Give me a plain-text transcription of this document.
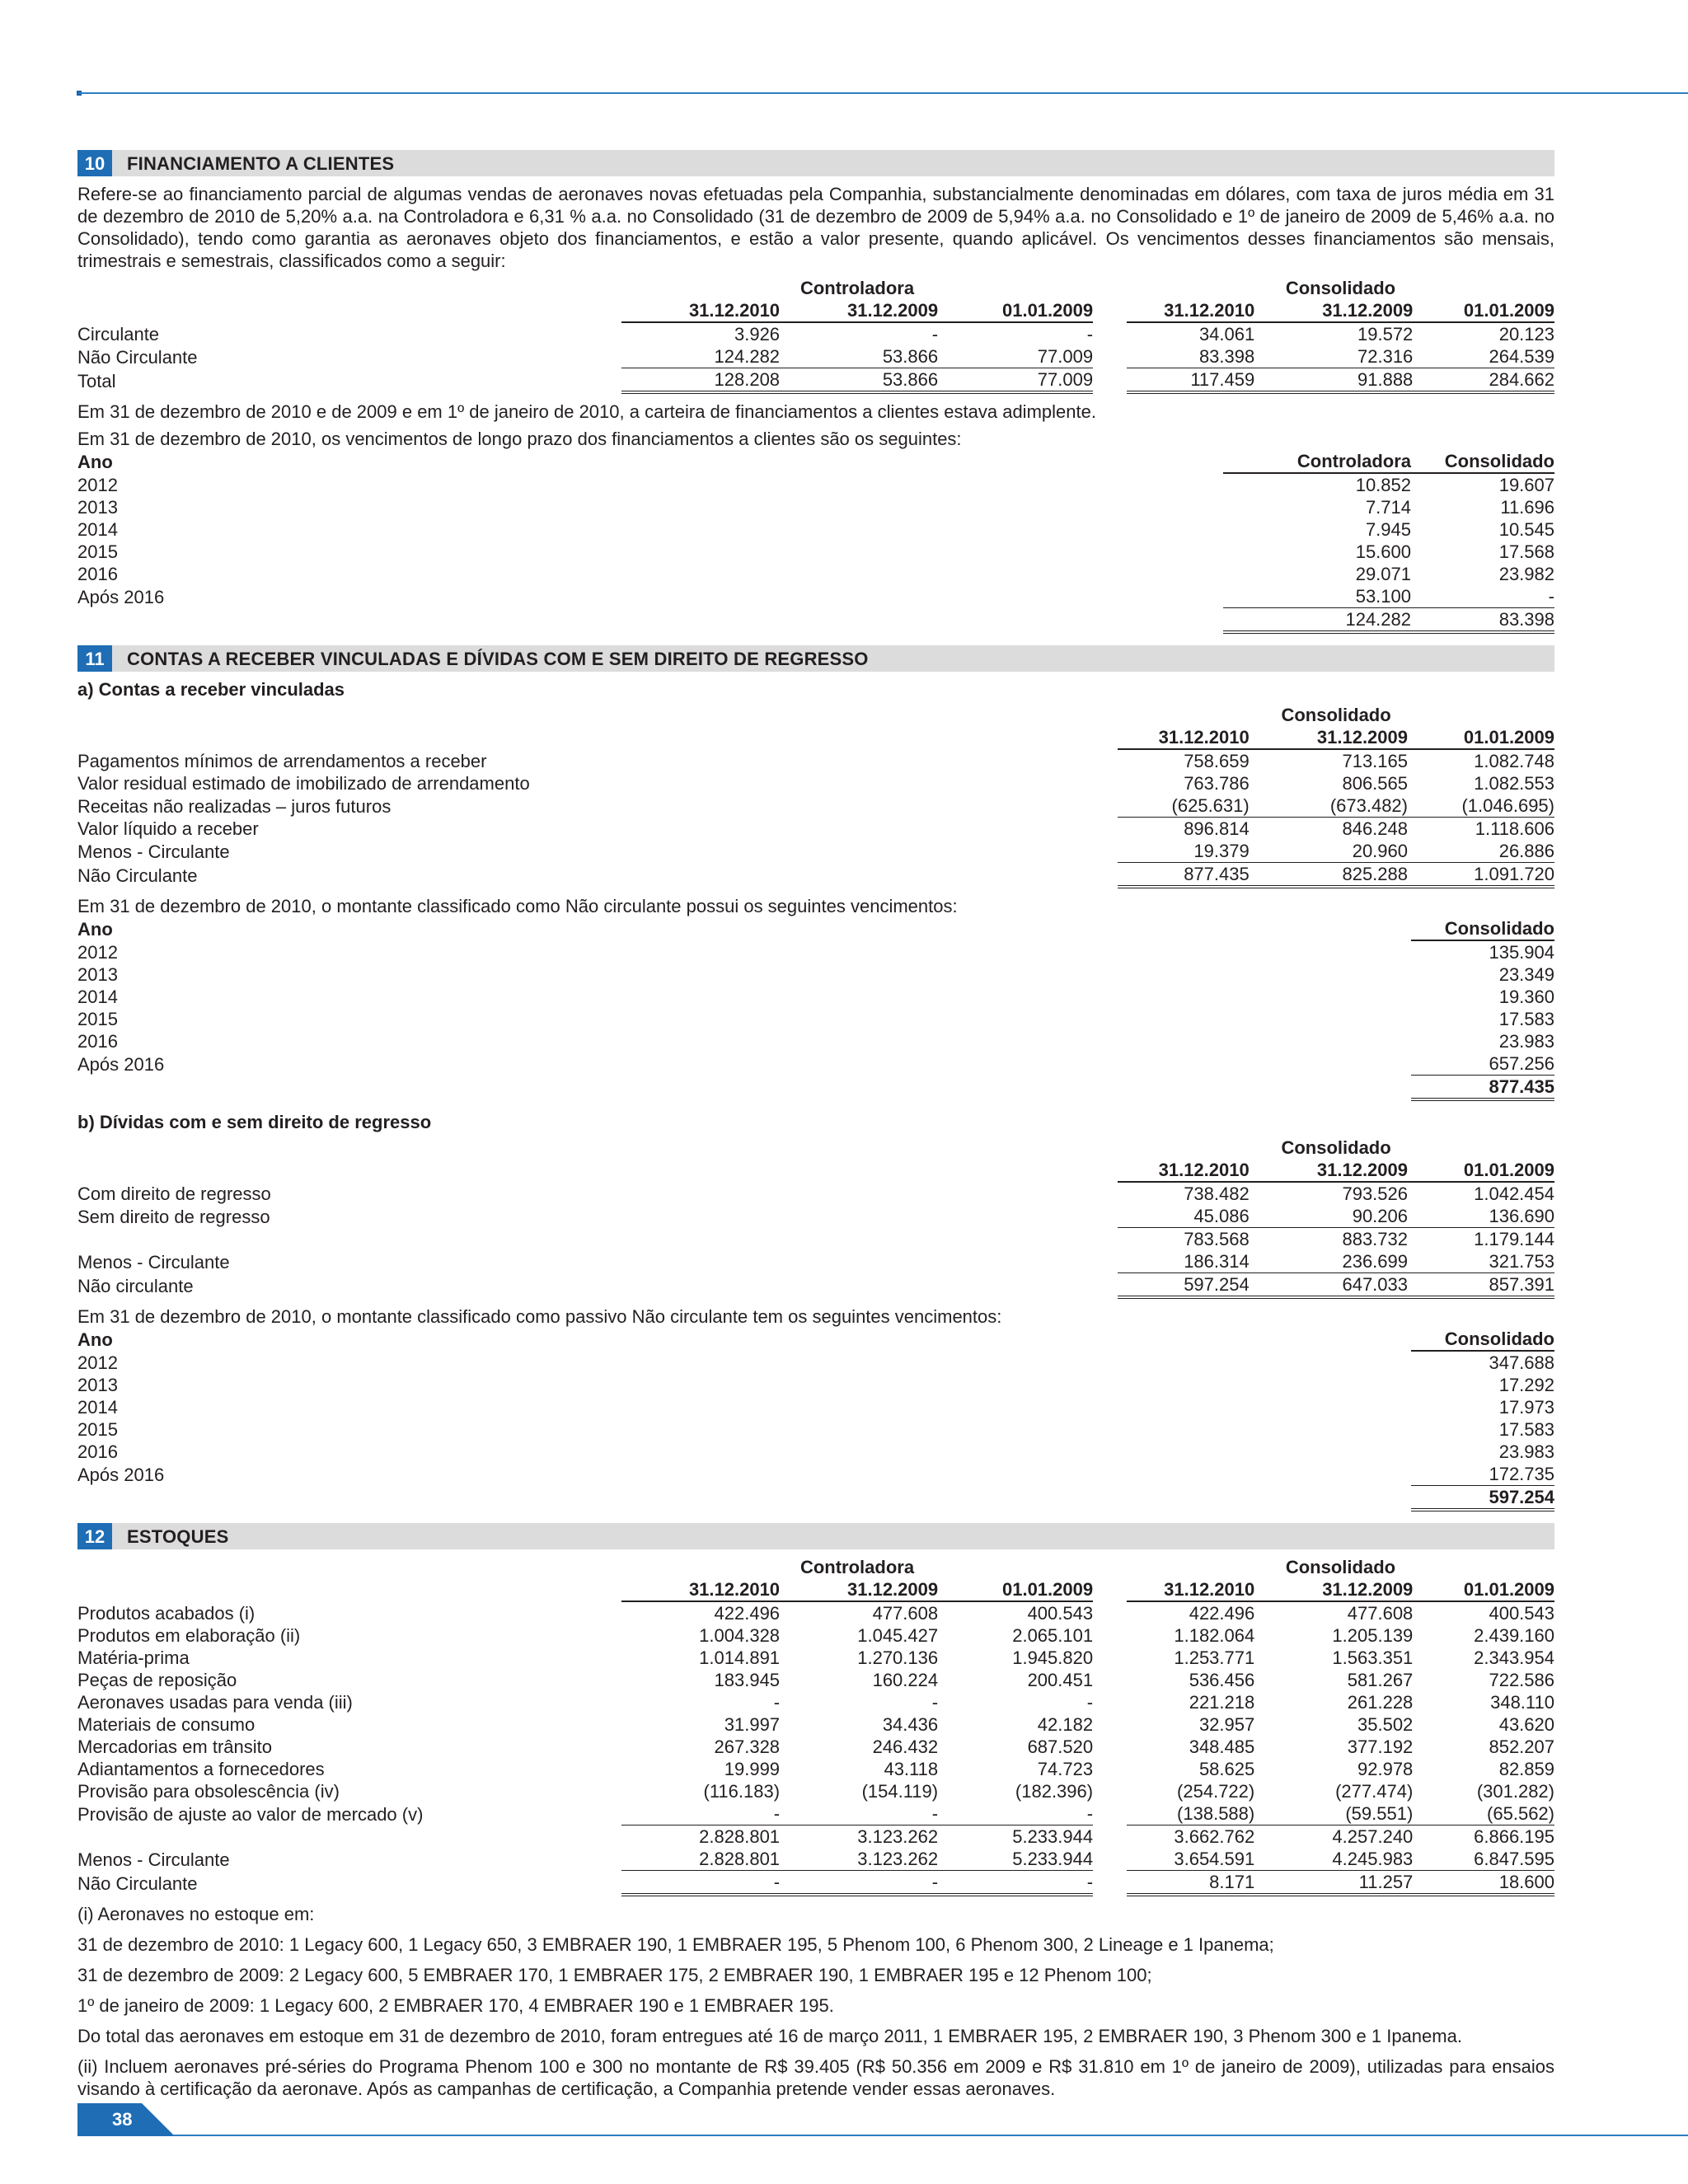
10	FINANCIAMENTO A CLIENTES

Refere-se ao financiamento parcial de algumas vendas de aeronaves novas efetuadas pela Companhia, substancialmente denominadas em dólares, com taxa de juros média em 31 de dezembro de 2010 de 5,20% a.a. na Controladora e 6,31 % a.a. no Consolidado (31 de dezembro de 2009 de 5,94% a.a. no Consolidado e 1º de janeiro de 2009 de 5,46% a.a. no Consolidado), tendo como garantia as aeronaves objeto dos financiamentos, e estão a valor presente, quando aplicável. Os vencimentos desses financiamentos são mensais, trimestrais e semestrais, classificados como a seguir:

	Controladora				Consolidado		
	31.12.2010	31.12.2009	01.01.2009		31.12.2010	31.12.2009	01.01.2009
Circulante	3.926	-	-		34.061	19.572	20.123
Não Circulante	124.282	53.866	77.009		83.398	72.316	264.539
Total	128.208	53.866	77.009		117.459	91.888	284.662

Em 31 de dezembro de 2010 e de 2009 e em 1º de janeiro de 2010, a carteira de financiamentos a clientes estava adimplente.

Em 31 de dezembro de 2010, os vencimentos de longo prazo dos financiamentos a clientes são os seguintes:

Ano	Controladora	Consolidado
2012	10.852	19.607
2013	7.714	11.696
2014	7.945	10.545
2015	15.600	17.568
2016	29.071	23.982
Após 2016	53.100	-
	124.282	83.398
11	CONTAS A RECEBER VINCULADAS E DÍVIDAS COM E SEM DIREITO DE REGRESSO
a) Contas a receber vinculadas
	Consolidado		
	31.12.2010	31.12.2009	01.01.2009
Pagamentos mínimos de arrendamentos a receber	758.659	713.165	1.082.748
Valor residual estimado de imobilizado de arrendamento	763.786	806.565	1.082.553
Receitas não realizadas – juros futuros	(625.631)	(673.482)	(1.046.695)
Valor líquido a receber	896.814	846.248	1.118.606
Menos - Circulante	19.379	20.960	26.886
Não Circulante	877.435	825.288	1.091.720

Em 31 de dezembro de 2010, o montante classificado como Não circulante possui os seguintes vencimentos:

Ano	Consolidado
2012	135.904
2013	23.349
2014	19.360
2015	17.583
2016	23.983
Após 2016	657.256
	877.435
b) Dívidas com e sem direito de regresso
	Consolidado		
	31.12.2010	31.12.2009	01.01.2009
Com direito de regresso	738.482	793.526	1.042.454
Sem direito de regresso	45.086	90.206	136.690
	783.568	883.732	1.179.144
Menos - Circulante	186.314	236.699	321.753
Não circulante	597.254	647.033	857.391

Em 31 de dezembro de 2010, o montante classificado como passivo Não circulante tem os seguintes vencimentos:

Ano	Consolidado
2012	347.688
2013	17.292
2014	17.973
2015	17.583
2016	23.983
Após 2016	172.735
	597.254
12	ESTOQUES
	Controladora				Consolidado		
	31.12.2010	31.12.2009	01.01.2009		31.12.2010	31.12.2009	01.01.2009
Produtos acabados (i)	422.496	477.608	400.543		422.496	477.608	400.543
Produtos em elaboração (ii)	1.004.328	1.045.427	2.065.101		1.182.064	1.205.139	2.439.160
Matéria-prima	1.014.891	1.270.136	1.945.820		1.253.771	1.563.351	2.343.954
Peças de reposição	183.945	160.224	200.451		536.456	581.267	722.586
Aeronaves usadas para venda (iii)	-	-	-		221.218	261.228	348.110
Materiais de consumo	31.997	34.436	42.182		32.957	35.502	43.620
Mercadorias em trânsito	267.328	246.432	687.520		348.485	377.192	852.207
Adiantamentos a fornecedores	19.999	43.118	74.723		58.625	92.978	82.859
Provisão para obsolescência (iv)	(116.183)	(154.119)	(182.396)		(254.722)	(277.474)	(301.282)
Provisão de ajuste ao valor de mercado (v)	-	-	-		(138.588)	(59.551)	(65.562)
	2.828.801	3.123.262	5.233.944		3.662.762	4.257.240	6.866.195
Menos - Circulante	2.828.801	3.123.262	5.233.944		3.654.591	4.245.983	6.847.595
Não Circulante	-	-	-		8.171	11.257	18.600

(i) Aeronaves no estoque em:

31 de dezembro de 2010: 1 Legacy 600, 1 Legacy 650, 3 EMBRAER 190, 1 EMBRAER 195, 5 Phenom 100, 6 Phenom 300, 2 Lineage e 1 Ipanema;

31 de dezembro de 2009: 2 Legacy 600, 5 EMBRAER 170, 1 EMBRAER 175, 2 EMBRAER 190, 1 EMBRAER 195 e 12 Phenom 100;

1º de janeiro de 2009: 1 Legacy 600, 2 EMBRAER 170, 4 EMBRAER 190 e 1 EMBRAER 195.

Do total das aeronaves em estoque em 31 de dezembro de 2010, foram entregues até 16 de março 2011, 1 EMBRAER 195, 2 EMBRAER 190, 3 Phenom 300 e 1 Ipanema.

(ii) Incluem aeronaves pré-séries do Programa Phenom 100 e 300 no montante de R$ 39.405 (R$ 50.356 em 2009 e R$ 31.810 em 1º de janeiro de 2009), utilizadas para ensaios visando à certificação da aeronave. Após as campanhas de certificação, a Companhia pretende vender essas aeronaves.

38
